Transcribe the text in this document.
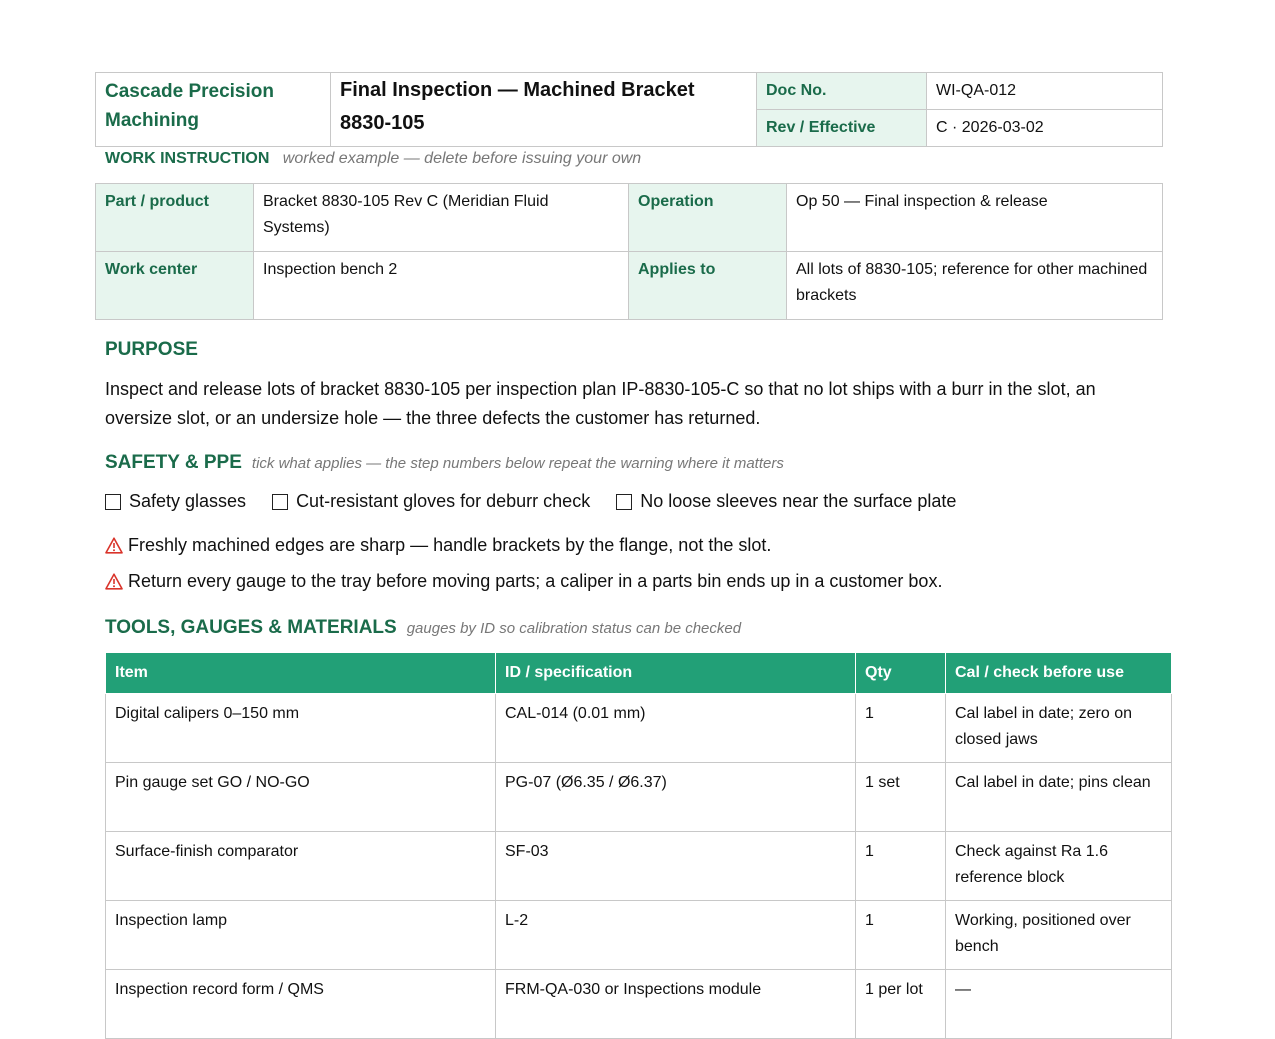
Cascade Precision Machining	Final Inspection — Machined Bracket 8830-105	Doc No.	WI-QA-012
		Rev / Effective	C · 2026-03-02
WORK INSTRUCTION worked example — delete before issuing your own
Part / product	Bracket 8830-105 Rev C (Meridian Fluid Systems)	Operation	Op 50 — Final inspection & release
Work center	Inspection bench 2	Applies to	All lots of 8830-105; reference for other machined brackets
PURPOSE
Inspect and release lots of bracket 8830-105 per inspection plan IP-8830-105-C so that no lot ships with a burr in the slot, an oversize slot, or an undersize hole — the three defects the customer has returned.
SAFETY & PPE tick what applies — the step numbers below repeat the warning where it matters
Safety glasses	Cut-resistant gloves for deburr check	No loose sleeves near the surface plate
Freshly machined edges are sharp — handle brackets by the flange, not the slot.
Return every gauge to the tray before moving parts; a caliper in a parts bin ends up in a customer box.
TOOLS, GAUGES & MATERIALS gauges by ID so calibration status can be checked
Item	ID / specification	Qty	Cal / check before use
Digital calipers 0–150 mm	CAL-014 (0.01 mm)	1	Cal label in date; zero on closed jaws
Pin gauge set GO / NO-GO	PG-07 (Ø6.35 / Ø6.37)	1 set	Cal label in date; pins clean
Surface-finish comparator	SF-03	1	Check against Ra 1.6 reference block
Inspection lamp	L-2	1	Working, positioned over bench
Inspection record form / QMS	FRM-QA-030 or Inspections module	1 per lot	—
